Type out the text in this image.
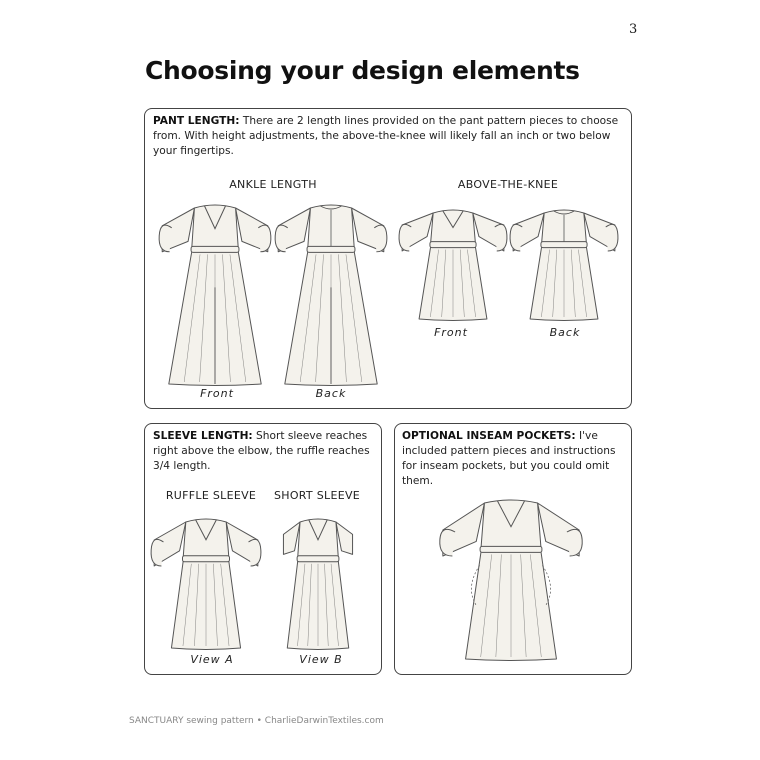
3
Choosing your design elements
PANT LENGTH: There are 2 length lines provided on the pant pattern pieces to choose from. With height adjustments, the above-the-knee will likely fall an inch or two below your fingertips.
ANKLE LENGTH	ABOVE-THE-KNEE
Front	Back
Front	Back
SLEEVE LENGTH: Short sleeve reaches right above the elbow, the ruffle reaches 3/4 length.
RUFFLE SLEEVE SHORT SLEEVE
View A	View B
OPTIONAL INSEAM POCKETS: I've included pattern pieces and instructions for inseam pockets, but you could omit them.
SANCTUARY sewing pattern • CharlieDarwinTextiles.com
